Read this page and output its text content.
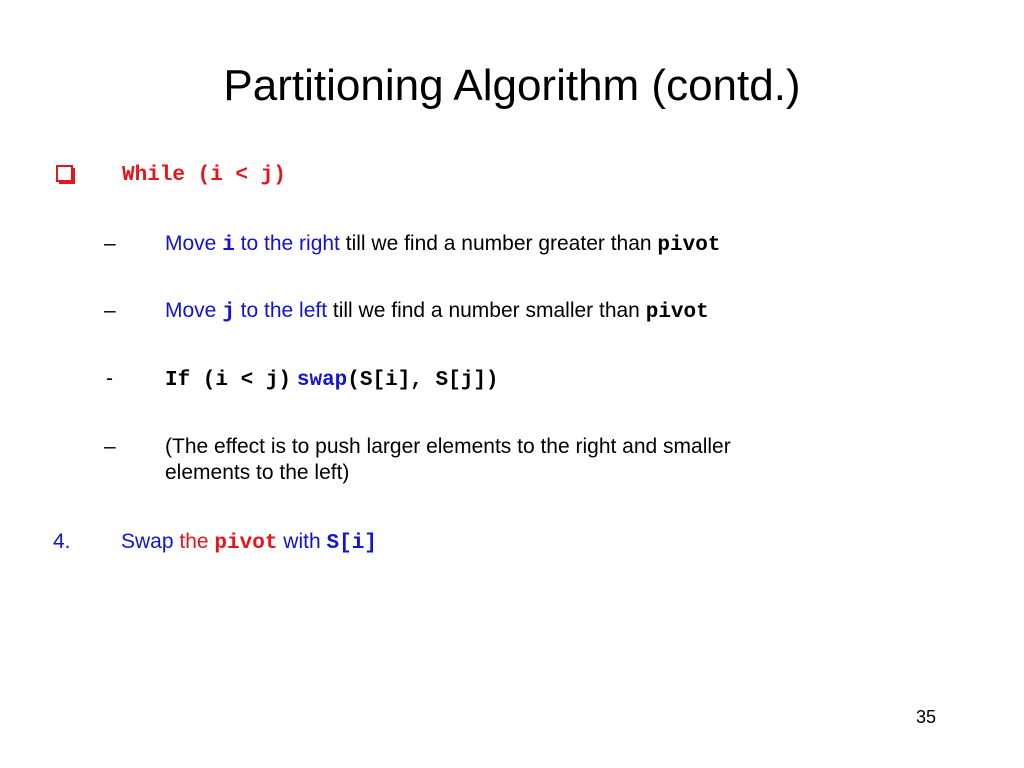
Partitioning Algorithm (contd.)
While (i < j)
– Move i to the right till we find a number greater than pivot
– Move j to the left till we find a number smaller than pivot
- If (i < j) swap(S[i], S[j])
– (The effect is to push larger elements to the right and smaller
elements to the left)
4. Swap the pivot with S[i]
35
